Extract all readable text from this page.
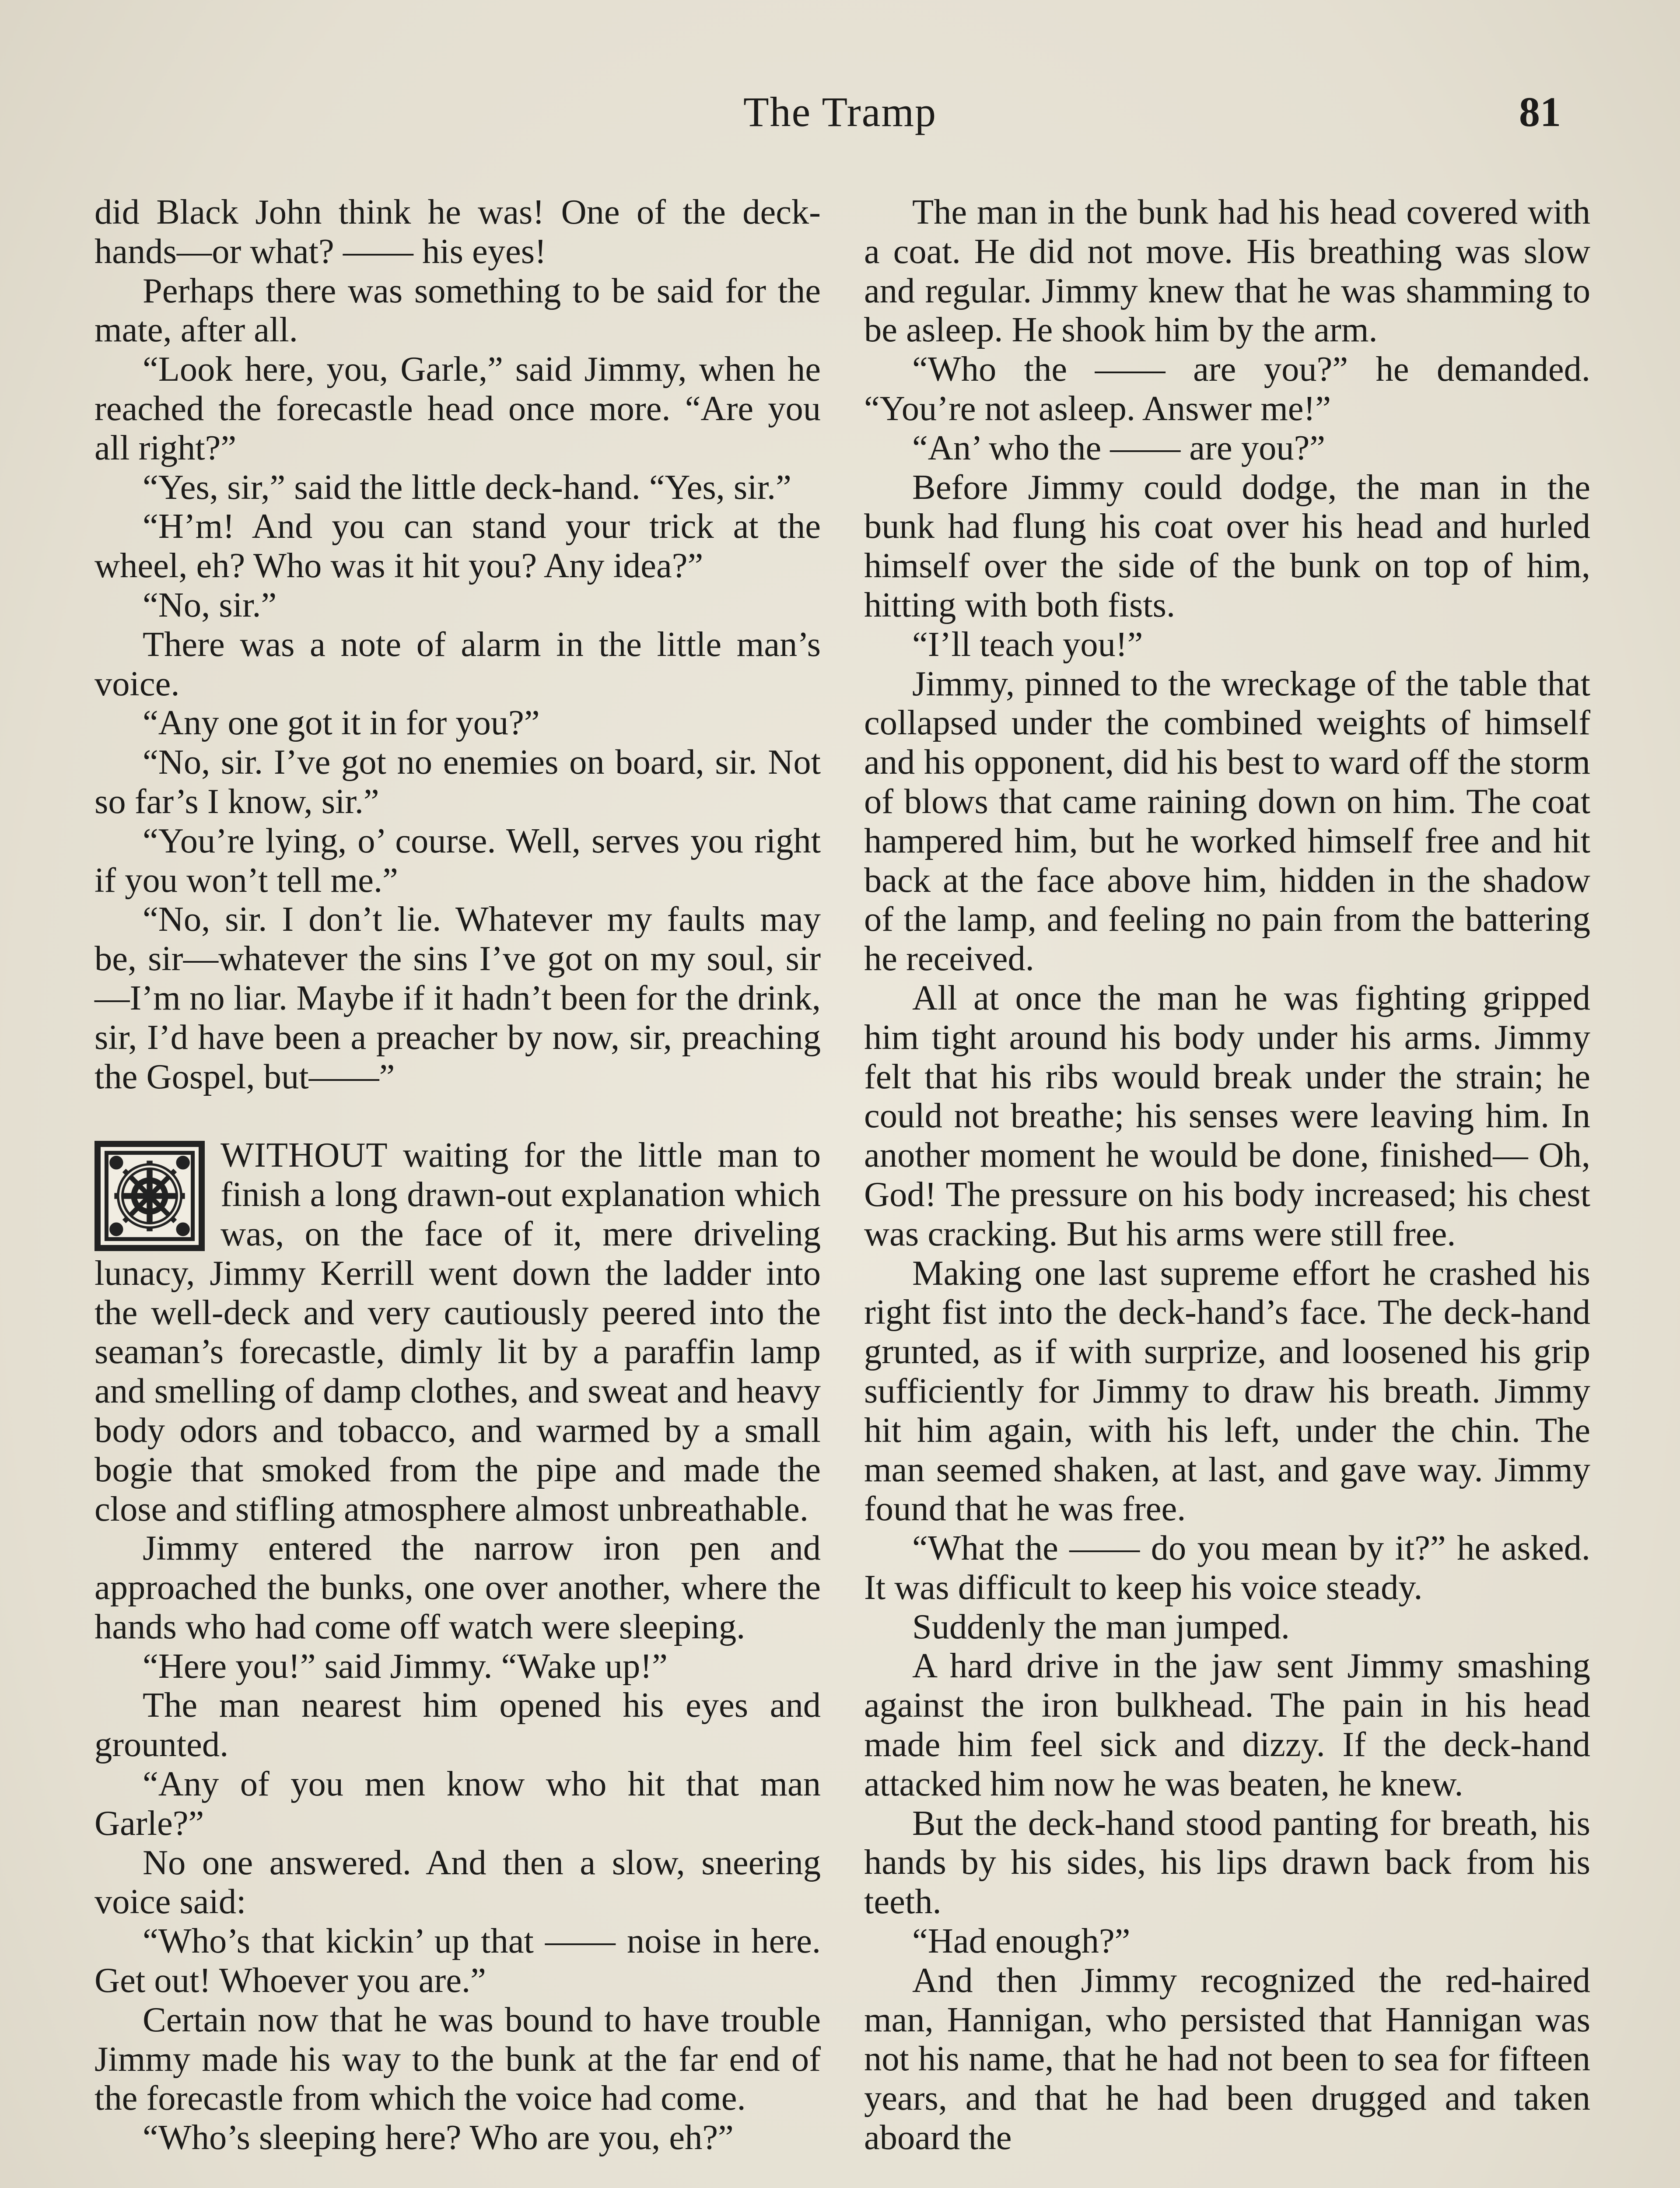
The Tramp	81

did Black John think he was! One of the deck-hands—or what? —— his eyes!

Perhaps there was something to be said for the mate, after all.

“Look here, you, Garle,” said Jimmy, when he reached the forecastle head once more. “Are you all right?”

“Yes, sir,” said the little deck-hand. “Yes, sir.”

“H’m! And you can stand your trick at the wheel, eh? Who was it hit you? Any idea?”

“No, sir.”

There was a note of alarm in the little man’s voice.

“Any one got it in for you?”

“No, sir. I’ve got no enemies on board, sir. Not so far’s I know, sir.”

“You’re lying, o’ course. Well, serves you right if you won’t tell me.”

“No, sir. I don’t lie. Whatever my faults may be, sir—whatever the sins I’ve got on my soul, sir—I’m no liar. Maybe if it hadn’t been for the drink, sir, I’d have been a preacher by now, sir, preaching the Gospel, but——”

WITHOUT waiting for the little man to finish a long drawn-out explanation which was, on the face of it, mere driveling lunacy, Jimmy Kerrill went down the ladder into the well-deck and very cautiously peered into the seaman’s forecastle, dimly lit by a paraffin lamp and smelling of damp clothes, and sweat and heavy body odors and tobacco, and warmed by a small bogie that smoked from the pipe and made the close and stifling atmosphere almost unbreathable.

Jimmy entered the narrow iron pen and approached the bunks, one over another, where the hands who had come off watch were sleeping.

“Here you!” said Jimmy. “Wake up!”

The man nearest him opened his eyes and grounted.

“Any of you men know who hit that man Garle?”

No one answered. And then a slow, sneering voice said:

“Who’s that kickin’ up that —— noise in here. Get out! Whoever you are.”

Certain now that he was bound to have trouble Jimmy made his way to the bunk at the far end of the forecastle from which the voice had come.

“Who’s sleeping here? Who are you, eh?”

The man in the bunk had his head covered with a coat. He did not move. His breathing was slow and regular. Jimmy knew that he was shamming to be asleep. He shook him by the arm.

“Who the —— are you?” he demanded. “You’re not asleep. Answer me!”

“An’ who the —— are you?”

Before Jimmy could dodge, the man in the bunk had flung his coat over his head and hurled himself over the side of the bunk on top of him, hitting with both fists.

“I’ll teach you!”

Jimmy, pinned to the wreckage of the table that collapsed under the combined weights of himself and his opponent, did his best to ward off the storm of blows that came raining down on him. The coat hampered him, but he worked himself free and hit back at the face above him, hidden in the shadow of the lamp, and feeling no pain from the battering he received.

All at once the man he was fighting gripped him tight around his body under his arms. Jimmy felt that his ribs would break under the strain; he could not breathe; his senses were leaving him. In another moment he would be done, finished— Oh, God! The pressure on his body increased; his chest was cracking. But his arms were still free.

Making one last supreme effort he crashed his right fist into the deck-hand’s face. The deck-hand grunted, as if with surprize, and loosened his grip sufficiently for Jimmy to draw his breath. Jimmy hit him again, with his left, under the chin. The man seemed shaken, at last, and gave way. Jimmy found that he was free.

“What the —— do you mean by it?” he asked. It was difficult to keep his voice steady.

Suddenly the man jumped.

A hard drive in the jaw sent Jimmy smashing against the iron bulkhead. The pain in his head made him feel sick and dizzy. If the deck-hand attacked him now he was beaten, he knew.

But the deck-hand stood panting for breath, his hands by his sides, his lips drawn back from his teeth.

“Had enough?”

And then Jimmy recognized the red-haired man, Hannigan, who persisted that Hannigan was not his name, that he had not been to sea for fifteen years, and that he had been drugged and taken aboard the
